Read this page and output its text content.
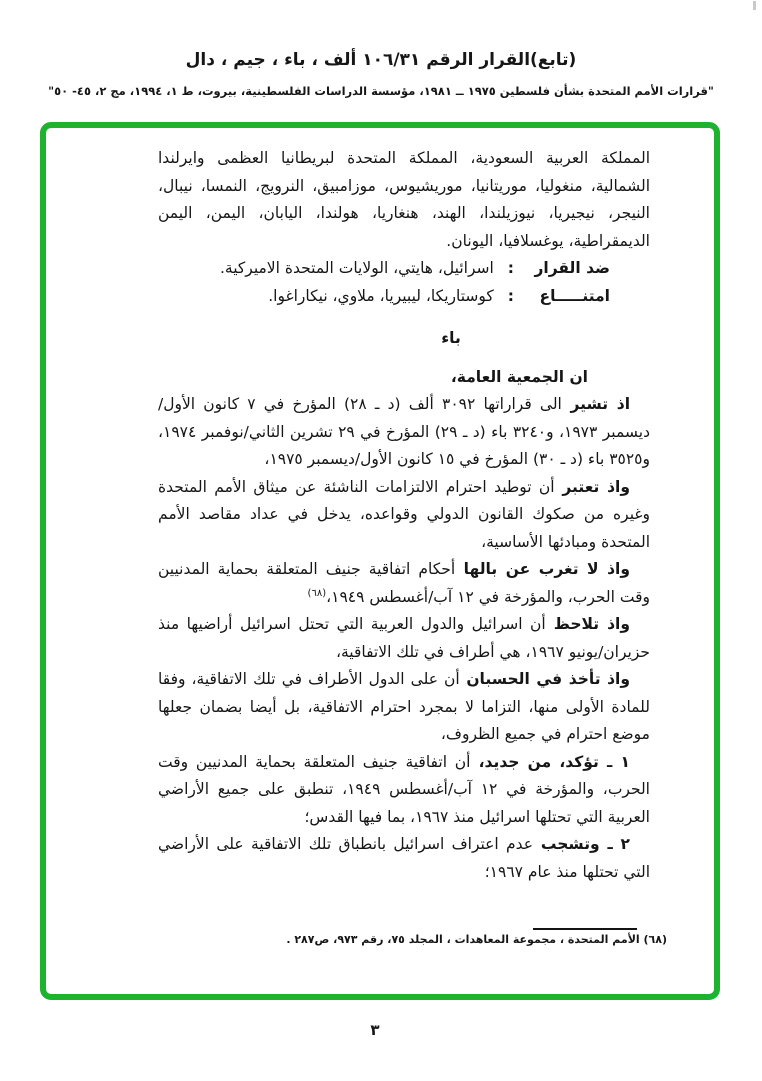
(تابع)القرار الرقم ١٠٦/٣١ ألف ، باء ، جيم ، دال
"قرارات الأمم المتحدة بشأن فلسطين ١٩٧٥ ــ ١٩٨١، مؤسسة الدراسات الفلسطينية، بيروت، ط ١، ١٩٩٤، مج ٢، ٤٥- ٥٠"
المملكة العربية السعودية، المملكة المتحدة لبريطانيا العظمى وايرلندا الشمالية، منغوليا، موريتانيا، موريشيوس، موزامبيق، النرويج، النمسا، نيبال، النيجر، نيجيريا، نيوزيلندا، الهند، هنغاريا، هولندا، اليابان، اليمن، اليمن الديمقراطية، يوغسلافيا، اليونان.
ضد القرار:اسرائيل، هايتي، الولايات المتحدة الاميركية.
امتنـــــاع:كوستاريكا، ليبيريا، ملاوي، نيكاراغوا.
باء
ان الجمعية العامة،
اذ تشير الى قراراتها ٣٠٩٢ ألف (د ـ ٢٨) المؤرخ في ٧ كانون الأول/ديسمبر ١٩٧٣، و٣٢٤٠ باء (د ـ ٢٩) المؤرخ في ٢٩ تشرين الثاني/نوفمبر ١٩٧٤، و٣٥٢٥ باء (د ـ ٣٠) المؤرخ في ١٥ كانون الأول/ديسمبر ١٩٧٥،
واذ تعتبر أن توطيد احترام الالتزامات الناشئة عن ميثاق الأمم المتحدة وغيره من صكوك القانون الدولي وقواعده، يدخل في عداد مقاصد الأمم المتحدة ومبادئها الأساسية،
واذ لا تغرب عن بالها أحكام اتفاقية جنيف المتعلقة بحماية المدنيين وقت الحرب، والمؤرخة في ١٢ آب/أغسطس ١٩٤٩،$^{(٦٨)}$
واذ تلاحظ أن اسرائيل والدول العربية التي تحتل اسرائيل أراضيها منذ حزيران/يونيو ١٩٦٧، هي أطراف في تلك الاتفاقية،
واذ تأخذ في الحسبان أن على الدول الأطراف في تلك الاتفاقية، وفقا للمادة الأولى منها، التزاما لا بمجرد احترام الاتفاقية، بل أيضا بضمان جعلها موضع احترام في جميع الظروف،
١ ـ تؤكد، من جديد، أن اتفاقية جنيف المتعلقة بحماية المدنيين وقت الحرب، والمؤرخة في ١٢ آب/أغسطس ١٩٤٩، تنطبق على جميع الأراضي العربية التي تحتلها اسرائيل منذ ١٩٦٧، بما فيها القدس؛
٢ ـ وتشجب عدم اعتراف اسرائيل بانطباق تلك الاتفاقية على الأراضي التي تحتلها منذ عام ١٩٦٧؛
(٦٨) الأمم المتحدة ، مجموعة المعاهدات ، المجلد ٧٥، رقم ٩٧٣، ص٢٨٧ .
٣
